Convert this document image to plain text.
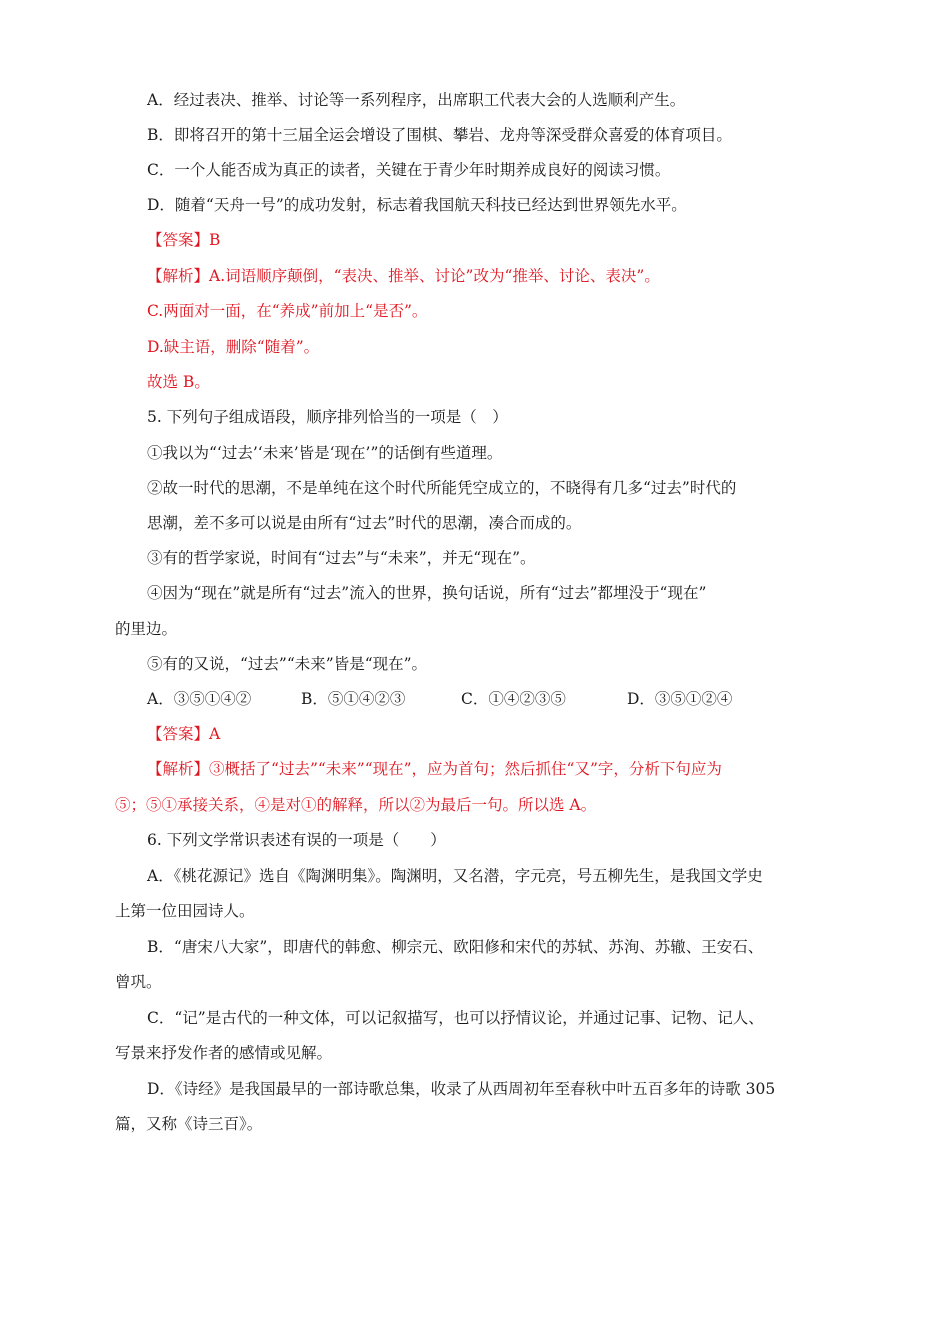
A．经过表决、推举、讨论等一系列程序，出席职工代表大会的人选顺利产生。
B．即将召开的第十三届全运会增设了围棋、攀岩、龙舟等深受群众喜爱的体育项目。
C．一个人能否成为真正的读者，关键在于青少年时期养成良好的阅读习惯。
D．随着“天舟一号”的成功发射，标志着我国航天科技已经达到世界领先水平。
【答案】B
【解析】A.词语顺序颠倒，“表决、推举、讨论”改为“推举、讨论、表决”。
C.两面对一面，在“养成”前加上“是否”。
D.缺主语，删除“随着”。
故选 B。
5. 下列句子组成语段，顺序排列恰当的一项是（　）
①我以为“‘过去’‘未来’皆是‘现在’”的话倒有些道理。
②故一时代的思潮，不是单纯在这个时代所能凭空成立的，不晓得有几多“过去”时代的
思潮，差不多可以说是由所有“过去”时代的思潮，凑合而成的。
③有的哲学家说，时间有“过去”与“未来”，并无“现在”。
④因为“现在”就是所有“过去”流入的世界，换句话说，所有“过去”都埋没于“现在”
的里边。
⑤有的又说，“过去”“未来”皆是“现在”。
A．③⑤①④②	B．⑤①④②③	C．①④②③⑤	D．③⑤①②④
【答案】A
【解析】③概括了“过去”“未来”“现在”，应为首句；然后抓住“又”字，分析下句应为
⑤；⑤①承接关系，④是对①的解释，所以②为最后一句。所以选 A。
6. 下列文学常识表述有误的一项是（　　）
A．《桃花源记》选自《陶渊明集》。陶渊明，又名潜，字元亮，号五柳先生，是我国文学史
上第一位田园诗人。
B．“唐宋八大家”，即唐代的韩愈、柳宗元、欧阳修和宋代的苏轼、苏洵、苏辙、王安石、
曾巩。
C．“记”是古代的一种文体，可以记叙描写，也可以抒情议论，并通过记事、记物、记人、
写景来抒发作者的感情或见解。
D．《诗经》是我国最早的一部诗歌总集，收录了从西周初年至春秋中叶五百多年的诗歌 305
篇，又称《诗三百》。
